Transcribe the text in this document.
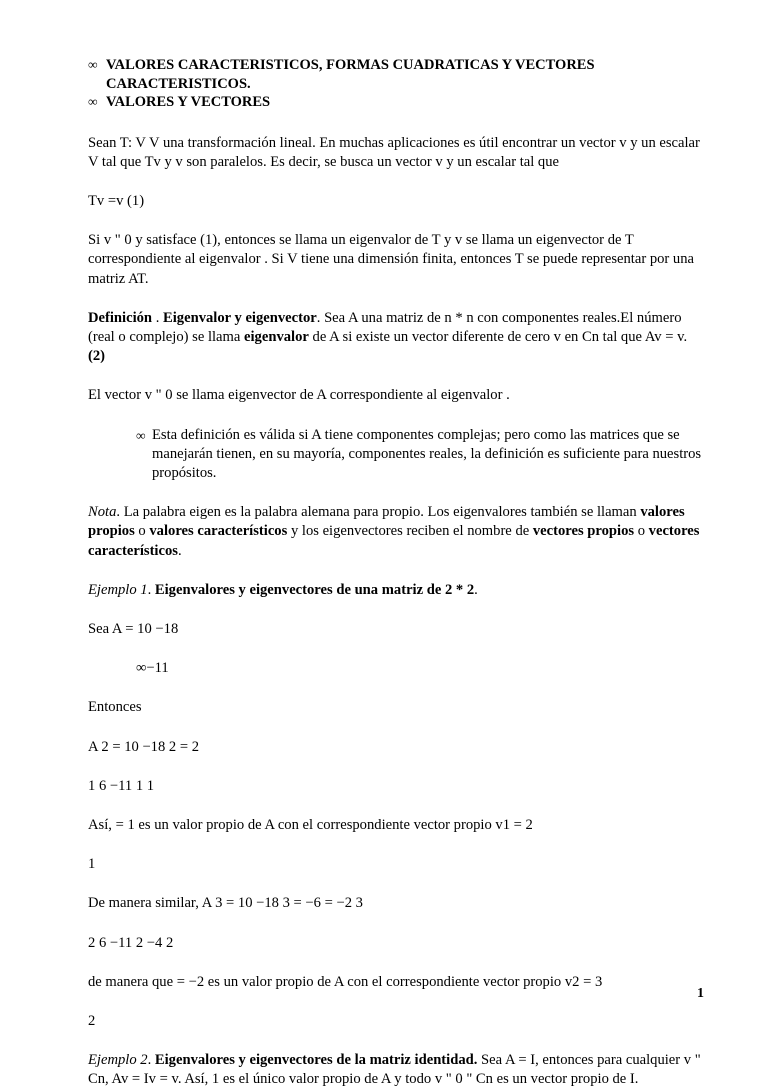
∞ VALORES CARACTERISTICOS, FORMAS CUADRATICAS Y VECTORES CARACTERISTICOS.
∞ VALORES Y VECTORES

Sean T: V V una transformación lineal. En muchas aplicaciones es útil encontrar un vector v y un escalar V tal que Tv y v son paralelos. Es decir, se busca un vector v y un escalar tal que

Tv =v (1)

Si v " 0 y satisface (1), entonces se llama un eigenvalor de T y v se llama un eigenvector de T correspondiente al eigenvalor . Si V tiene una dimensión finita, entonces T se puede representar por una matriz AT.

Definición . Eigenvalor y eigenvector. Sea A una matriz de n * n con componentes reales.El número (real o complejo) se llama eigenvalor de A si existe un vector diferente de cero v en Cn tal que Av = v. (2)

El vector v " 0 se llama eigenvector de A correspondiente al eigenvalor .

∞ Esta definición es válida si A tiene componentes complejas; pero como las matrices que se manejarán tienen, en su mayoría, componentes reales, la definición es suficiente para nuestros propósitos.

Nota. La palabra eigen es la palabra alemana para propio. Los eigenvalores también se llaman valores propios o valores característicos y los eigenvectores reciben el nombre de vectores propios o vectores característicos.

Ejemplo 1. Eigenvalores y eigenvectores de una matriz de 2 * 2.

Sea A = 10 −18

∞−11

Entonces

A 2 = 10 −18 2 = 2

1 6 −11 1 1

Así, = 1 es un valor propio de A con el correspondiente vector propio v1 = 2

1

De manera similar, A 3 = 10 −18 3 = −6 = −2 3

2 6 −11 2 −4 2

de manera que = −2 es un valor propio de A con el correspondiente vector propio v2 = 3

2

Ejemplo 2. Eigenvalores y eigenvectores de la matriz identidad. Sea A = I, entonces para cualquier v " Cn, Av = Iv = v. Así, 1 es el único valor propio de A y todo v " 0 " Cn es un vector propio de I.

1
